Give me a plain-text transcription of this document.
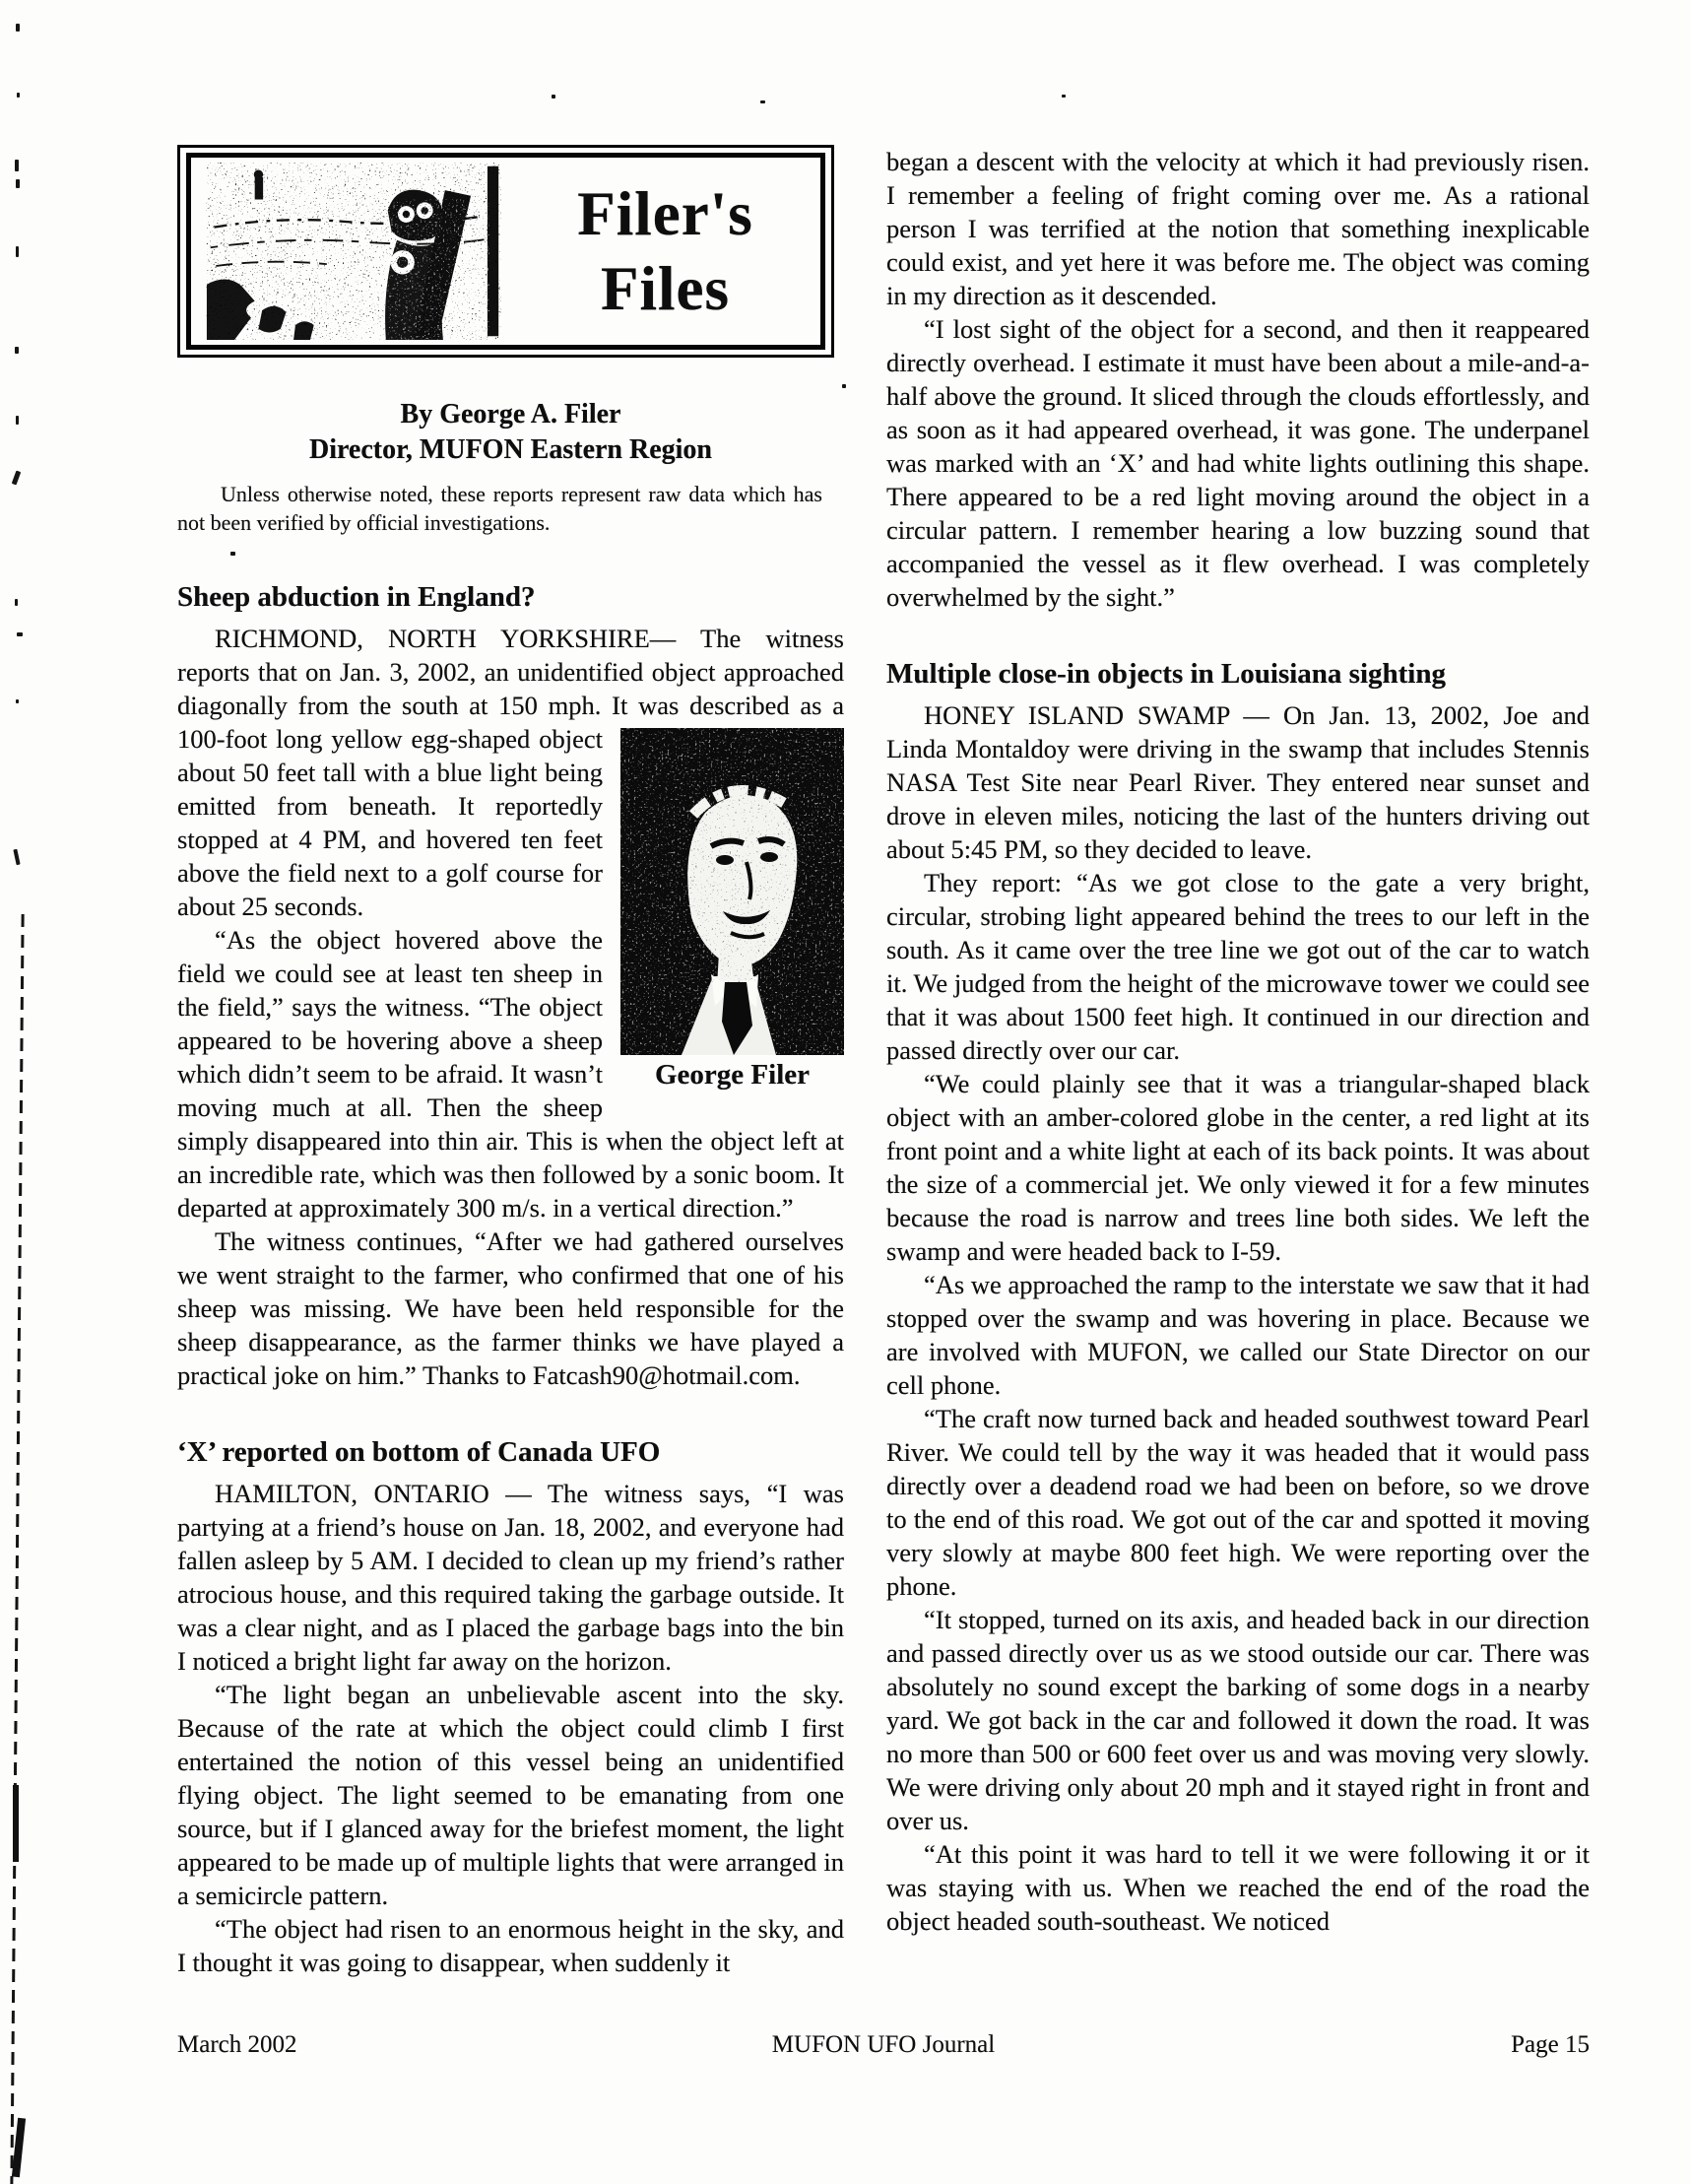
Filer's
Files
By George A. Filer
Director, MUFON Eastern Region

Unless otherwise noted, these reports represent raw data which has not been verified by official investigations.

Sheep abduction in England?

RICHMOND, NORTH YORKSHIRE— The witness reports that on Jan. 3, 2002, an unidentified object approached diagonally from the south at 150 mph. It was described as a 100-foot long yellow egg-shaped object
George Filer
about 50 feet tall with a blue light being emitted from beneath. It reportedly stopped at 4 PM, and hovered ten feet above the field next to a golf course for about 25 seconds.

“As the object hovered above the field we could see at least ten sheep in the field,” says the witness. “The object appeared to be hovering above a sheep which didn’t seem to be afraid. It wasn’t moving much at all. Then the sheep simply disappeared into thin air. This is when the object left at an incredible rate, which was then followed by a sonic boom. It departed at approximately 300 m/s. in a vertical direction.”

The witness continues, “After we had gathered ourselves we went straight to the farmer, who confirmed that one of his sheep was missing. We have been held responsible for the sheep disappearance, as the farmer thinks we have played a practical joke on him.” Thanks to Fatcash90@hotmail.com.

‘X’ reported on bottom of Canada UFO

HAMILTON, ONTARIO — The witness says, “I was partying at a friend’s house on Jan. 18, 2002, and everyone had fallen asleep by 5 AM. I decided to clean up my friend’s rather atrocious house, and this required taking the garbage outside. It was a clear night, and as I placed the garbage bags into the bin I noticed a bright light far away on the horizon.

“The light began an unbelievable ascent into the sky. Because of the rate at which the object could climb I first entertained the notion of this vessel being an unidentified flying object. The light seemed to be emanating from one source, but if I glanced away for the briefest moment, the light appeared to be made up of multiple lights that were arranged in a semicircle pattern.

“The object had risen to an enormous height in the sky, and I thought it was going to disappear, when suddenly it

began a descent with the velocity at which it had previously risen. I remember a feeling of fright coming over me. As a rational person I was terrified at the notion that something inexplicable could exist, and yet here it was before me. The object was coming in my direction as it descended.

“I lost sight of the object for a second, and then it reappeared directly overhead. I estimate it must have been about a mile-and-a-half above the ground. It sliced through the clouds effortlessly, and as soon as it had appeared overhead, it was gone. The underpanel was marked with an ‘X’ and had white lights outlining this shape. There appeared to be a red light moving around the object in a circular pattern. I remember hearing a low buzzing sound that accompanied the vessel as it flew overhead. I was completely overwhelmed by the sight.”

Multiple close-in objects in Louisiana sighting

HONEY ISLAND SWAMP — On Jan. 13, 2002, Joe and Linda Montaldoy were driving in the swamp that includes Stennis NASA Test Site near Pearl River. They entered near sunset and drove in eleven miles, noticing the last of the hunters driving out about 5:45 PM, so they decided to leave.

They report: “As we got close to the gate a very bright, circular, strobing light appeared behind the trees to our left in the south. As it came over the tree line we got out of the car to watch it. We judged from the height of the microwave tower we could see that it was about 1500 feet high. It continued in our direction and passed directly over our car.

“We could plainly see that it was a triangular-shaped black object with an amber-colored globe in the center, a red light at its front point and a white light at each of its back points. It was about the size of a commercial jet. We only viewed it for a few minutes because the road is narrow and trees line both sides. We left the swamp and were headed back to I-59.

“As we approached the ramp to the interstate we saw that it had stopped over the swamp and was hovering in place. Because we are involved with MUFON, we called our State Director on our cell phone.

“The craft now turned back and headed southwest toward Pearl River. We could tell by the way it was headed that it would pass directly over a deadend road we had been on before, so we drove to the end of this road. We got out of the car and spotted it moving very slowly at maybe 800 feet high. We were reporting over the phone.

“It stopped, turned on its axis, and headed back in our direction and passed directly over us as we stood outside our car. There was absolutely no sound except the barking of some dogs in a nearby yard. We got back in the car and followed it down the road. It was no more than 500 or 600 feet over us and was moving very slowly. We were driving only about 20 mph and it stayed right in front and over us.

“At this point it was hard to tell it we were following it or it was staying with us. When we reached the end of the road the object headed south-southeast. We noticed

March 2002	MUFON UFO Journal	Page 15
